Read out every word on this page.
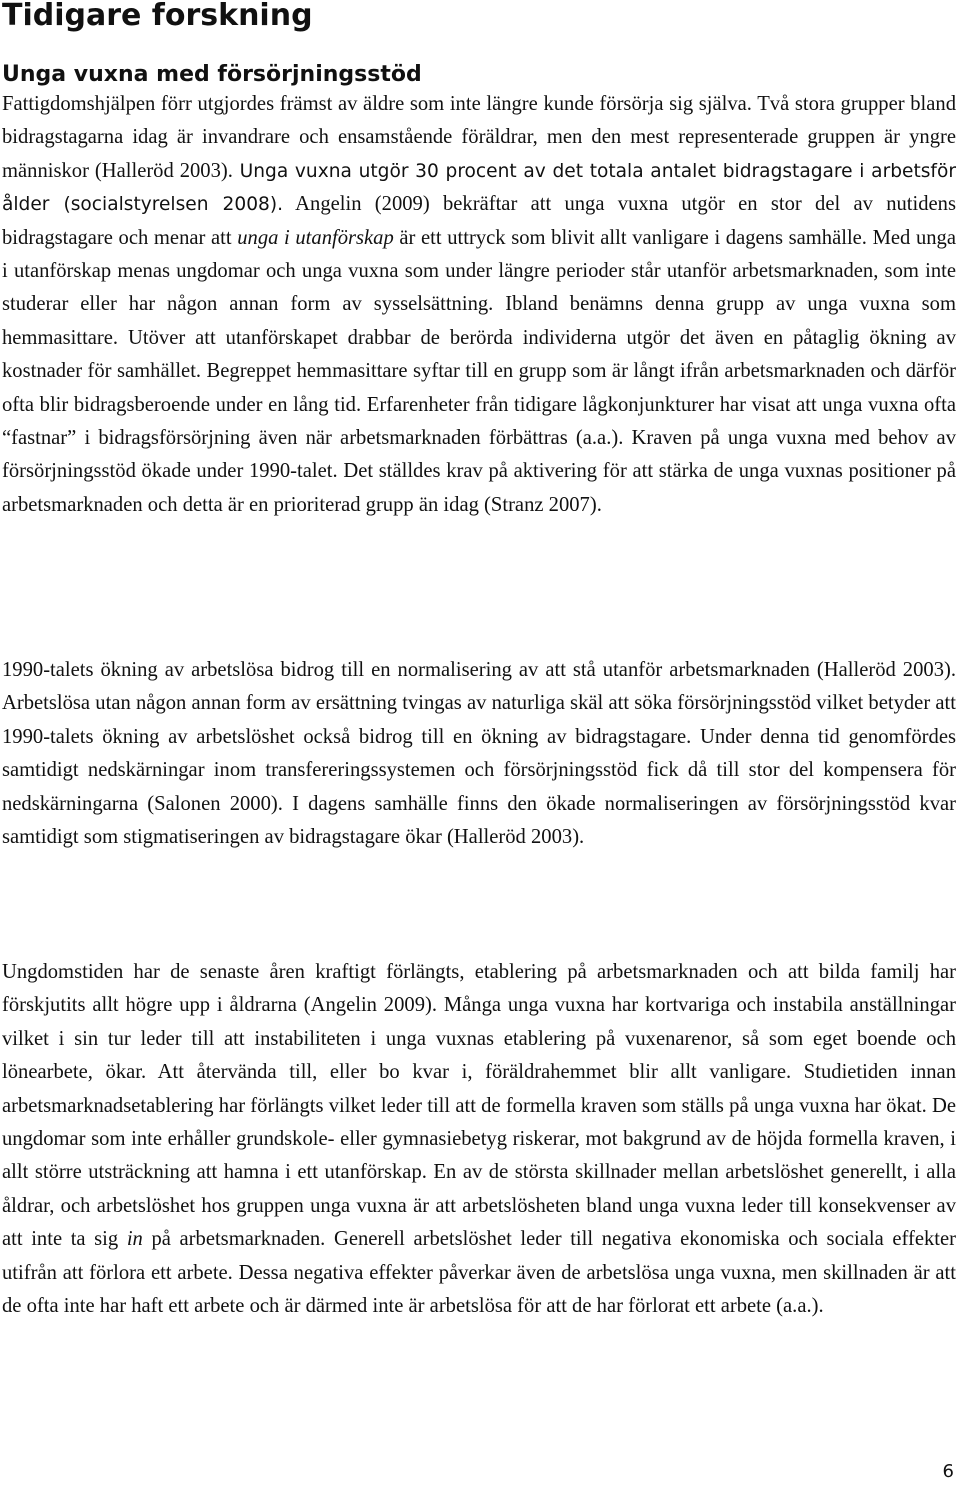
Tidigare forskning
Unga vuxna med försörjningsstöd

Fattigdomshjälpen förr utgjordes främst av äldre som inte längre kunde försörja sig själva. Två stora grupper bland bidragstagarna idag är invandrare och ensamstående föräldrar, men den mest representerade gruppen är yngre människor (Halleröd 2003). Unga vuxna utgör 30 procent av det totala antalet bidragstagare i arbetsför ålder (socialstyrelsen 2008). Angelin (2009) bekräftar att unga vuxna utgör en stor del av nutidens bidragstagare och menar att unga i utanförskap är ett uttryck som blivit allt vanligare i dagens samhälle. Med unga i utanförskap menas ungdomar och unga vuxna som under längre perioder står utanför arbetsmarknaden, som inte studerar eller har någon annan form av sysselsättning. Ibland benämns denna grupp av unga vuxna som hemmasittare. Utöver att utanförskapet drabbar de berörda individerna utgör det även en påtaglig ökning av kostnader för samhället. Begreppet hemmasittare syftar till en grupp som är långt ifrån arbetsmarknaden och därför ofta blir bidragsberoende under en lång tid. Erfarenheter från tidigare lågkonjunkturer har visat att unga vuxna ofta “fastnar” i bidragsförsörjning även när arbetsmarknaden förbättras (a.a.). Kraven på unga vuxna med behov av försörjningsstöd ökade under 1990-talet. Det ställdes krav på aktivering för att stärka de unga vuxnas positioner på arbetsmarknaden och detta är en prioriterad grupp än idag (Stranz 2007).

1990-talets ökning av arbetslösa bidrog till en normalisering av att stå utanför arbetsmarknaden (Halleröd 2003). Arbetslösa utan någon annan form av ersättning tvingas av naturliga skäl att söka försörjningsstöd vilket betyder att 1990-talets ökning av arbetslöshet också bidrog till en ökning av bidragstagare. Under denna tid genomfördes samtidigt nedskärningar inom transfereringssystemen och försörjningsstöd fick då till stor del kompensera för nedskärningarna (Salonen 2000). I dagens samhälle finns den ökade normaliseringen av försörjningsstöd kvar samtidigt som stigmatiseringen av bidragstagare ökar (Halleröd 2003).

Ungdomstiden har de senaste åren kraftigt förlängts, etablering på arbetsmarknaden och att bilda familj har förskjutits allt högre upp i åldrarna (Angelin 2009). Många unga vuxna har kortvariga och instabila anställningar vilket i sin tur leder till att instabiliteten i unga vuxnas etablering på vuxenarenor, så som eget boende och lönearbete, ökar. Att återvända till, eller bo kvar i, föräldrahemmet blir allt vanligare. Studietiden innan arbetsmarknadsetablering har förlängts vilket leder till att de formella kraven som ställs på unga vuxna har ökat. De ungdomar som inte erhåller grundskole- eller gymnasiebetyg riskerar, mot bakgrund av de höjda formella kraven, i allt större utsträckning att hamna i ett utanförskap. En av de största skillnader mellan arbetslöshet generellt, i alla åldrar, och arbetslöshet hos gruppen unga vuxna är att arbetslösheten bland unga vuxna leder till konsekvenser av att inte ta sig in på arbetsmarknaden. Generell arbetslöshet leder till negativa ekonomiska och sociala effekter utifrån att förlora ett arbete. Dessa negativa effekter påverkar även de arbetslösa unga vuxna, men skillnaden är att de ofta inte har haft ett arbete och är därmed inte är arbetslösa för att de har förlorat ett arbete (a.a.).

6
